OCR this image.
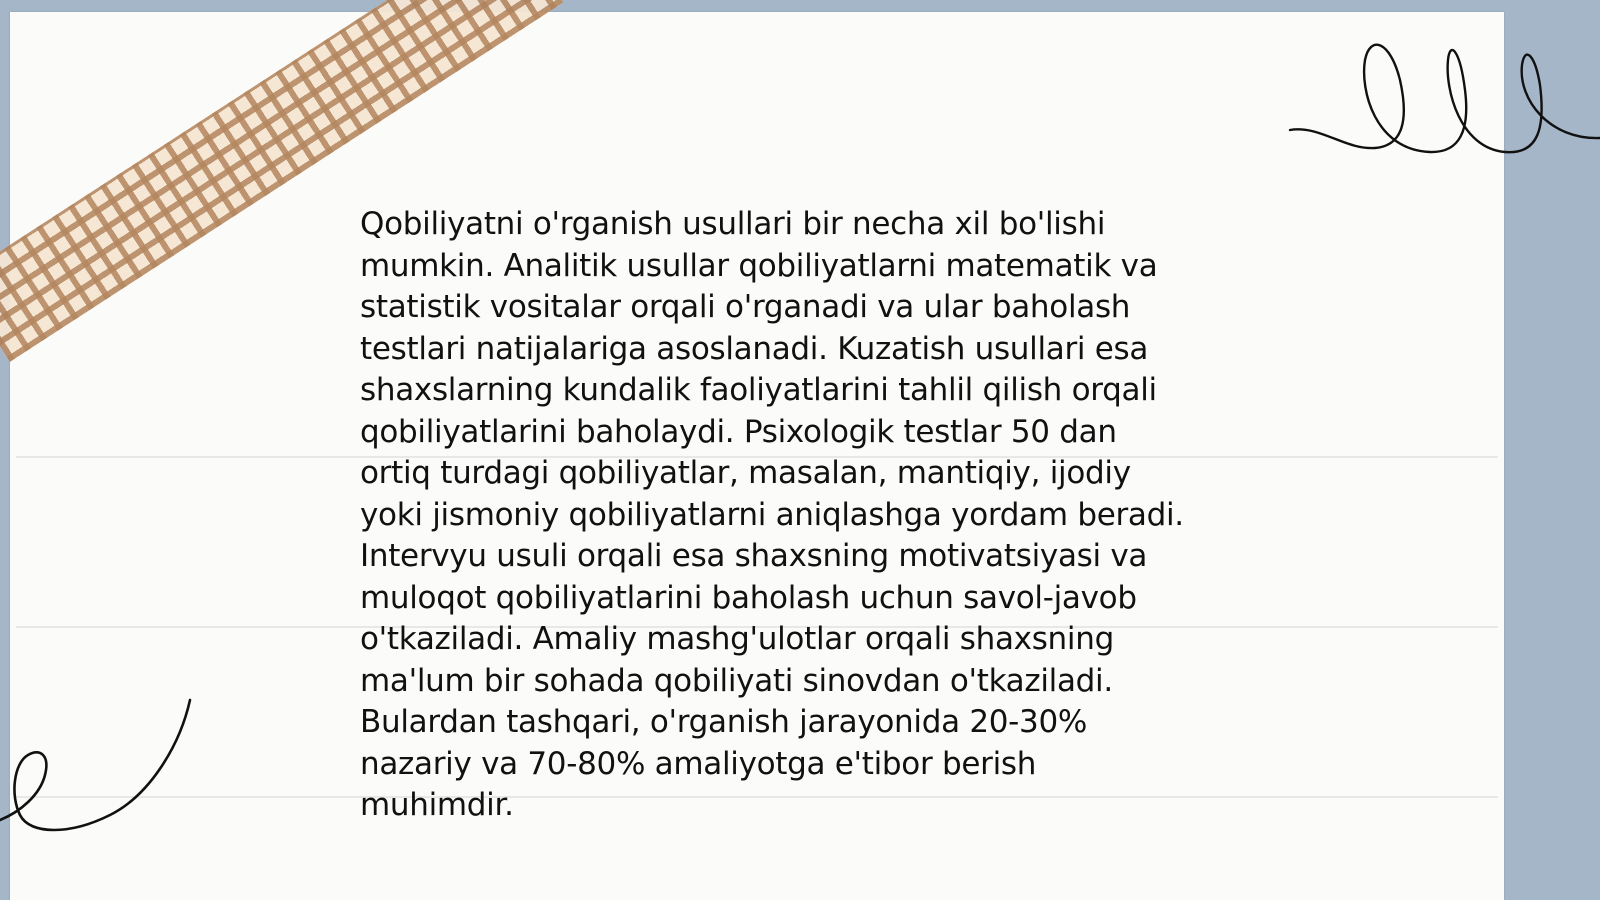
Qobiliyatni o'rganish usullari bir necha xil bo'lishi
mumkin. Analitik usullar qobiliyatlarni matematik va
statistik vositalar orqali o'rganadi va ular baholash
testlari natijalariga asoslanadi. Kuzatish usullari esa
shaxslarning kundalik faoliyatlarini tahlil qilish orqali
qobiliyatlarini baholaydi. Psixologik testlar 50 dan
ortiq turdagi qobiliyatlar, masalan, mantiqiy, ijodiy
yoki jismoniy qobiliyatlarni aniqlashga yordam beradi.
Intervyu usuli orqali esa shaxsning motivatsiyasi va
muloqot qobiliyatlarini baholash uchun savol-javob
o'tkaziladi. Amaliy mashg'ulotlar orqali shaxsning
ma'lum bir sohada qobiliyati sinovdan o'tkaziladi.
Bulardan tashqari, o'rganish jarayonida 20-30%
nazariy va 70-80% amaliyotga e'tibor berish
muhimdir.
